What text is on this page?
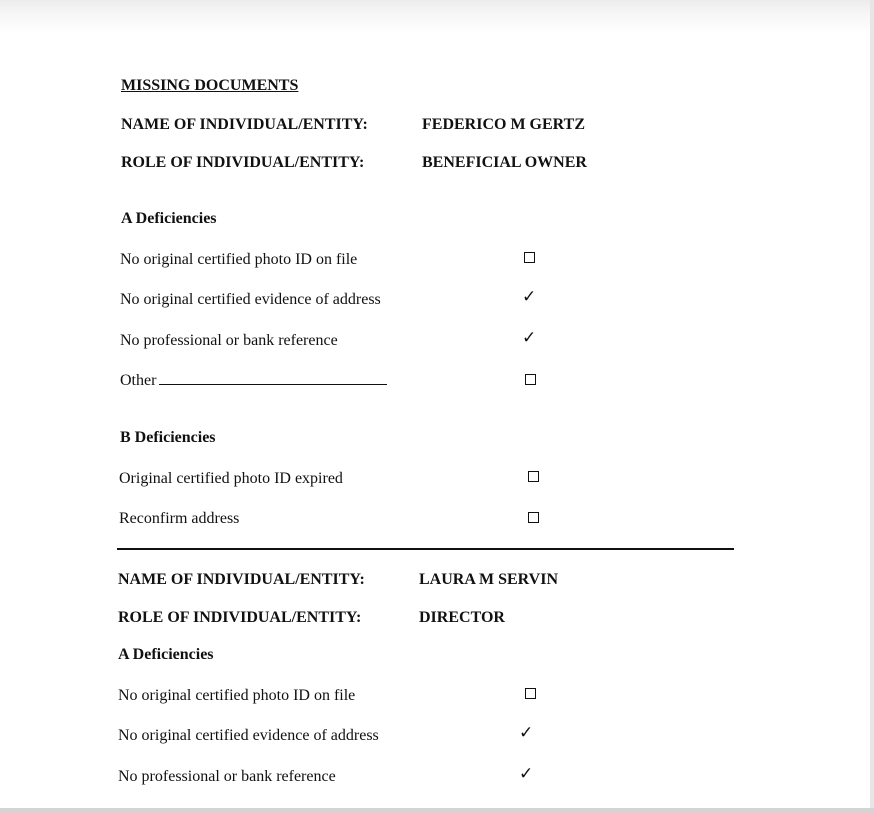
MISSING DOCUMENTS
NAME OF INDIVIDUAL/ENTITY:	FEDERICO M GERTZ
ROLE OF INDIVIDUAL/ENTITY:	BENEFICIAL OWNER
A Deficiencies
No original certified photo ID on file
No original certified evidence of address	✓
No professional or bank reference	✓
Other
B Deficiencies
Original certified photo ID expired
Reconfirm address
NAME OF INDIVIDUAL/ENTITY:	LAURA M SERVIN
ROLE OF INDIVIDUAL/ENTITY:	DIRECTOR
A Deficiencies
No original certified photo ID on file
No original certified evidence of address	✓
No professional or bank reference	✓
